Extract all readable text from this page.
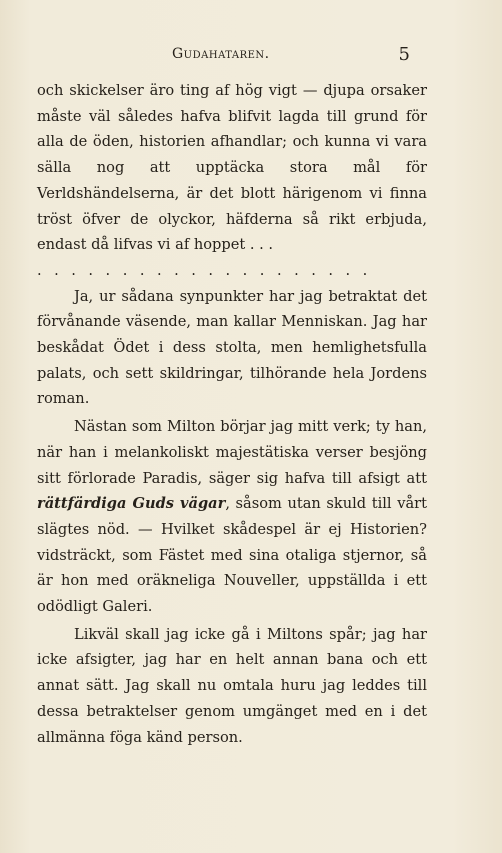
Gudahataren.	5

och skickelser äro ting af hög vigt — djupa orsaker måste väl således hafva blifvit lagda till grund för alla de öden, historien afhandlar; och kunna vi vara sälla nog att upptäcka stora mål för Verldshändelserna, är det blott härigenom vi finna tröst öfver de olyckor, häfderna så rikt erbjuda, endast då lifvas vi af hoppet . . .

....................

Ja, ur sådana synpunkter har jag betraktat det förvånande väsende, man kallar Menniskan. Jag har beskådat Ödet i dess stolta, men hemlighetsfulla palats, och sett skildringar, tilhörande hela Jordens roman.

Nästan som Milton börjar jag mitt verk; ty han, när han i melankoliskt majestätiska verser besjöng sitt förlorade Paradis, säger sig hafva till afsigt att rättfärdiga Guds vägar, såsom utan skuld till vårt slägtes nöd. — Hvilket skådespel är ej Historien? vidsträckt, som Fästet med sina otaliga stjernor, så är hon med oräkneliga Nouveller, uppställda i ett odödligt Galeri.

Likväl skall jag icke gå i Miltons spår; jag har icke afsigter, jag har en helt annan bana och ett annat sätt. Jag skall nu omtala huru jag leddes till dessa betraktelser genom umgänget med en i det allmänna föga känd person.
